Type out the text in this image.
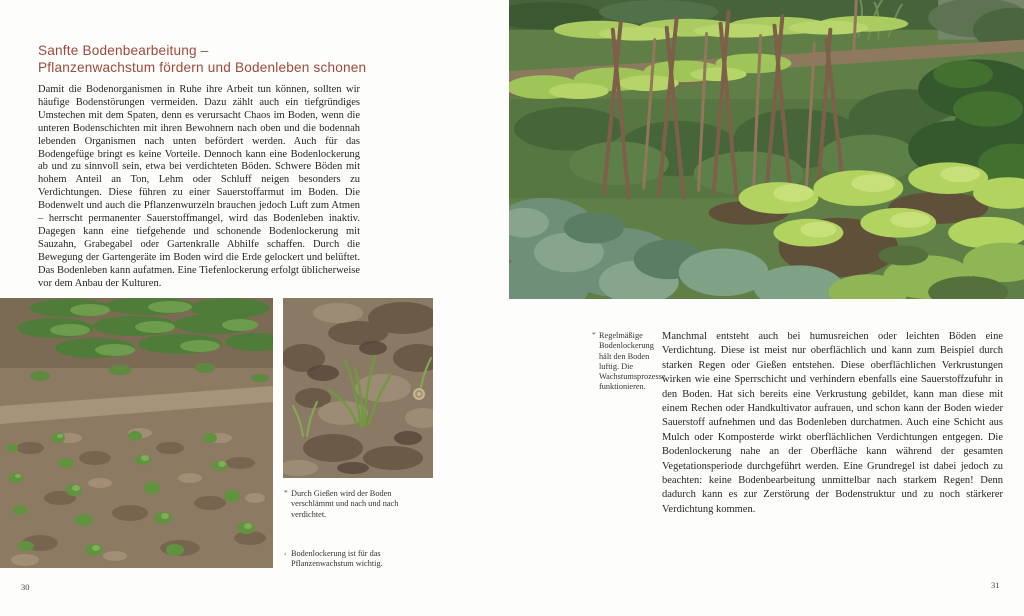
Sanfte Bodenbearbeitung –
Pflanzenwachstum fördern und Bodenleben schonen

Damit die Bodenorganismen in Ruhe ihre Arbeit tun können, sollten wir häufige Bodenstörungen vermeiden. Dazu zählt auch ein tiefgründiges Umstechen mit dem Spaten, denn es verursacht Chaos im Boden, wenn die unteren Bodenschichten mit ihren Bewohnern nach oben und die bodennah lebenden Organismen nach unten befördert werden. Auch für das Bodengefüge bringt es keine Vorteile. Dennoch kann eine Bodenlockerung ab und zu sinnvoll sein, etwa bei verdichteten Böden. Schwere Böden mit hohem Anteil an Ton, Lehm oder Schluff neigen besonders zu Verdichtungen. Diese führen zu einer Sauerstoffarmut im Boden. Die Bodenwelt und auch die Pflanzenwurzeln brauchen jedoch Luft zum Atmen – herrscht permanenter Sauerstoffmangel, wird das Bodenleben inaktiv. Dagegen kann eine tiefgehende und schonende Bodenlockerung mit Sauzahn, Grabegabel oder Gartenkralle Abhilfe schaffen. Durch die Bewegung der Gartengeräte im Boden wird die Erde gelockert und belüftet. Das Bodenleben kann aufatmen. Eine Tiefenlockerung erfolgt üblicherweise vor dem Anbau der Kulturen.

* Durch Gießen wird der Boden verschlämmt und nach und nach verdichtet.

‹ Bodenlockerung ist für das Pflanzenwachstum wichtig.

30

* Regelmäßige Bodenlockerung hält den Boden luftig. Die Wachstumsprozesse funktionieren.

Manchmal entsteht auch bei humusreichen oder leichten Böden eine Verdichtung. Diese ist meist nur oberflächlich und kann zum Beispiel durch starken Regen oder Gießen entstehen. Diese oberflächlichen Verkrustungen wirken wie eine Sperrschicht und verhindern ebenfalls eine Sauerstoffzufuhr in den Boden. Hat sich bereits eine Verkrustung gebildet, kann man diese mit einem Rechen oder Handkultivator aufrauen, und schon kann der Boden wieder Sauerstoff aufnehmen und das Bodenleben durchatmen. Auch eine Schicht aus Mulch oder Komposterde wirkt oberflächlichen Verdichtungen entgegen. Die Bodenlockerung nahe an der Oberfläche kann während der gesamten Vegetationsperiode durchgeführt werden. Eine Grundregel ist dabei jedoch zu beachten: keine Bodenbearbeitung unmittelbar nach starkem Regen! Denn dadurch kann es zur Zerstörung der Bodenstruktur und zu noch stärkerer Verdichtung kommen.

31
